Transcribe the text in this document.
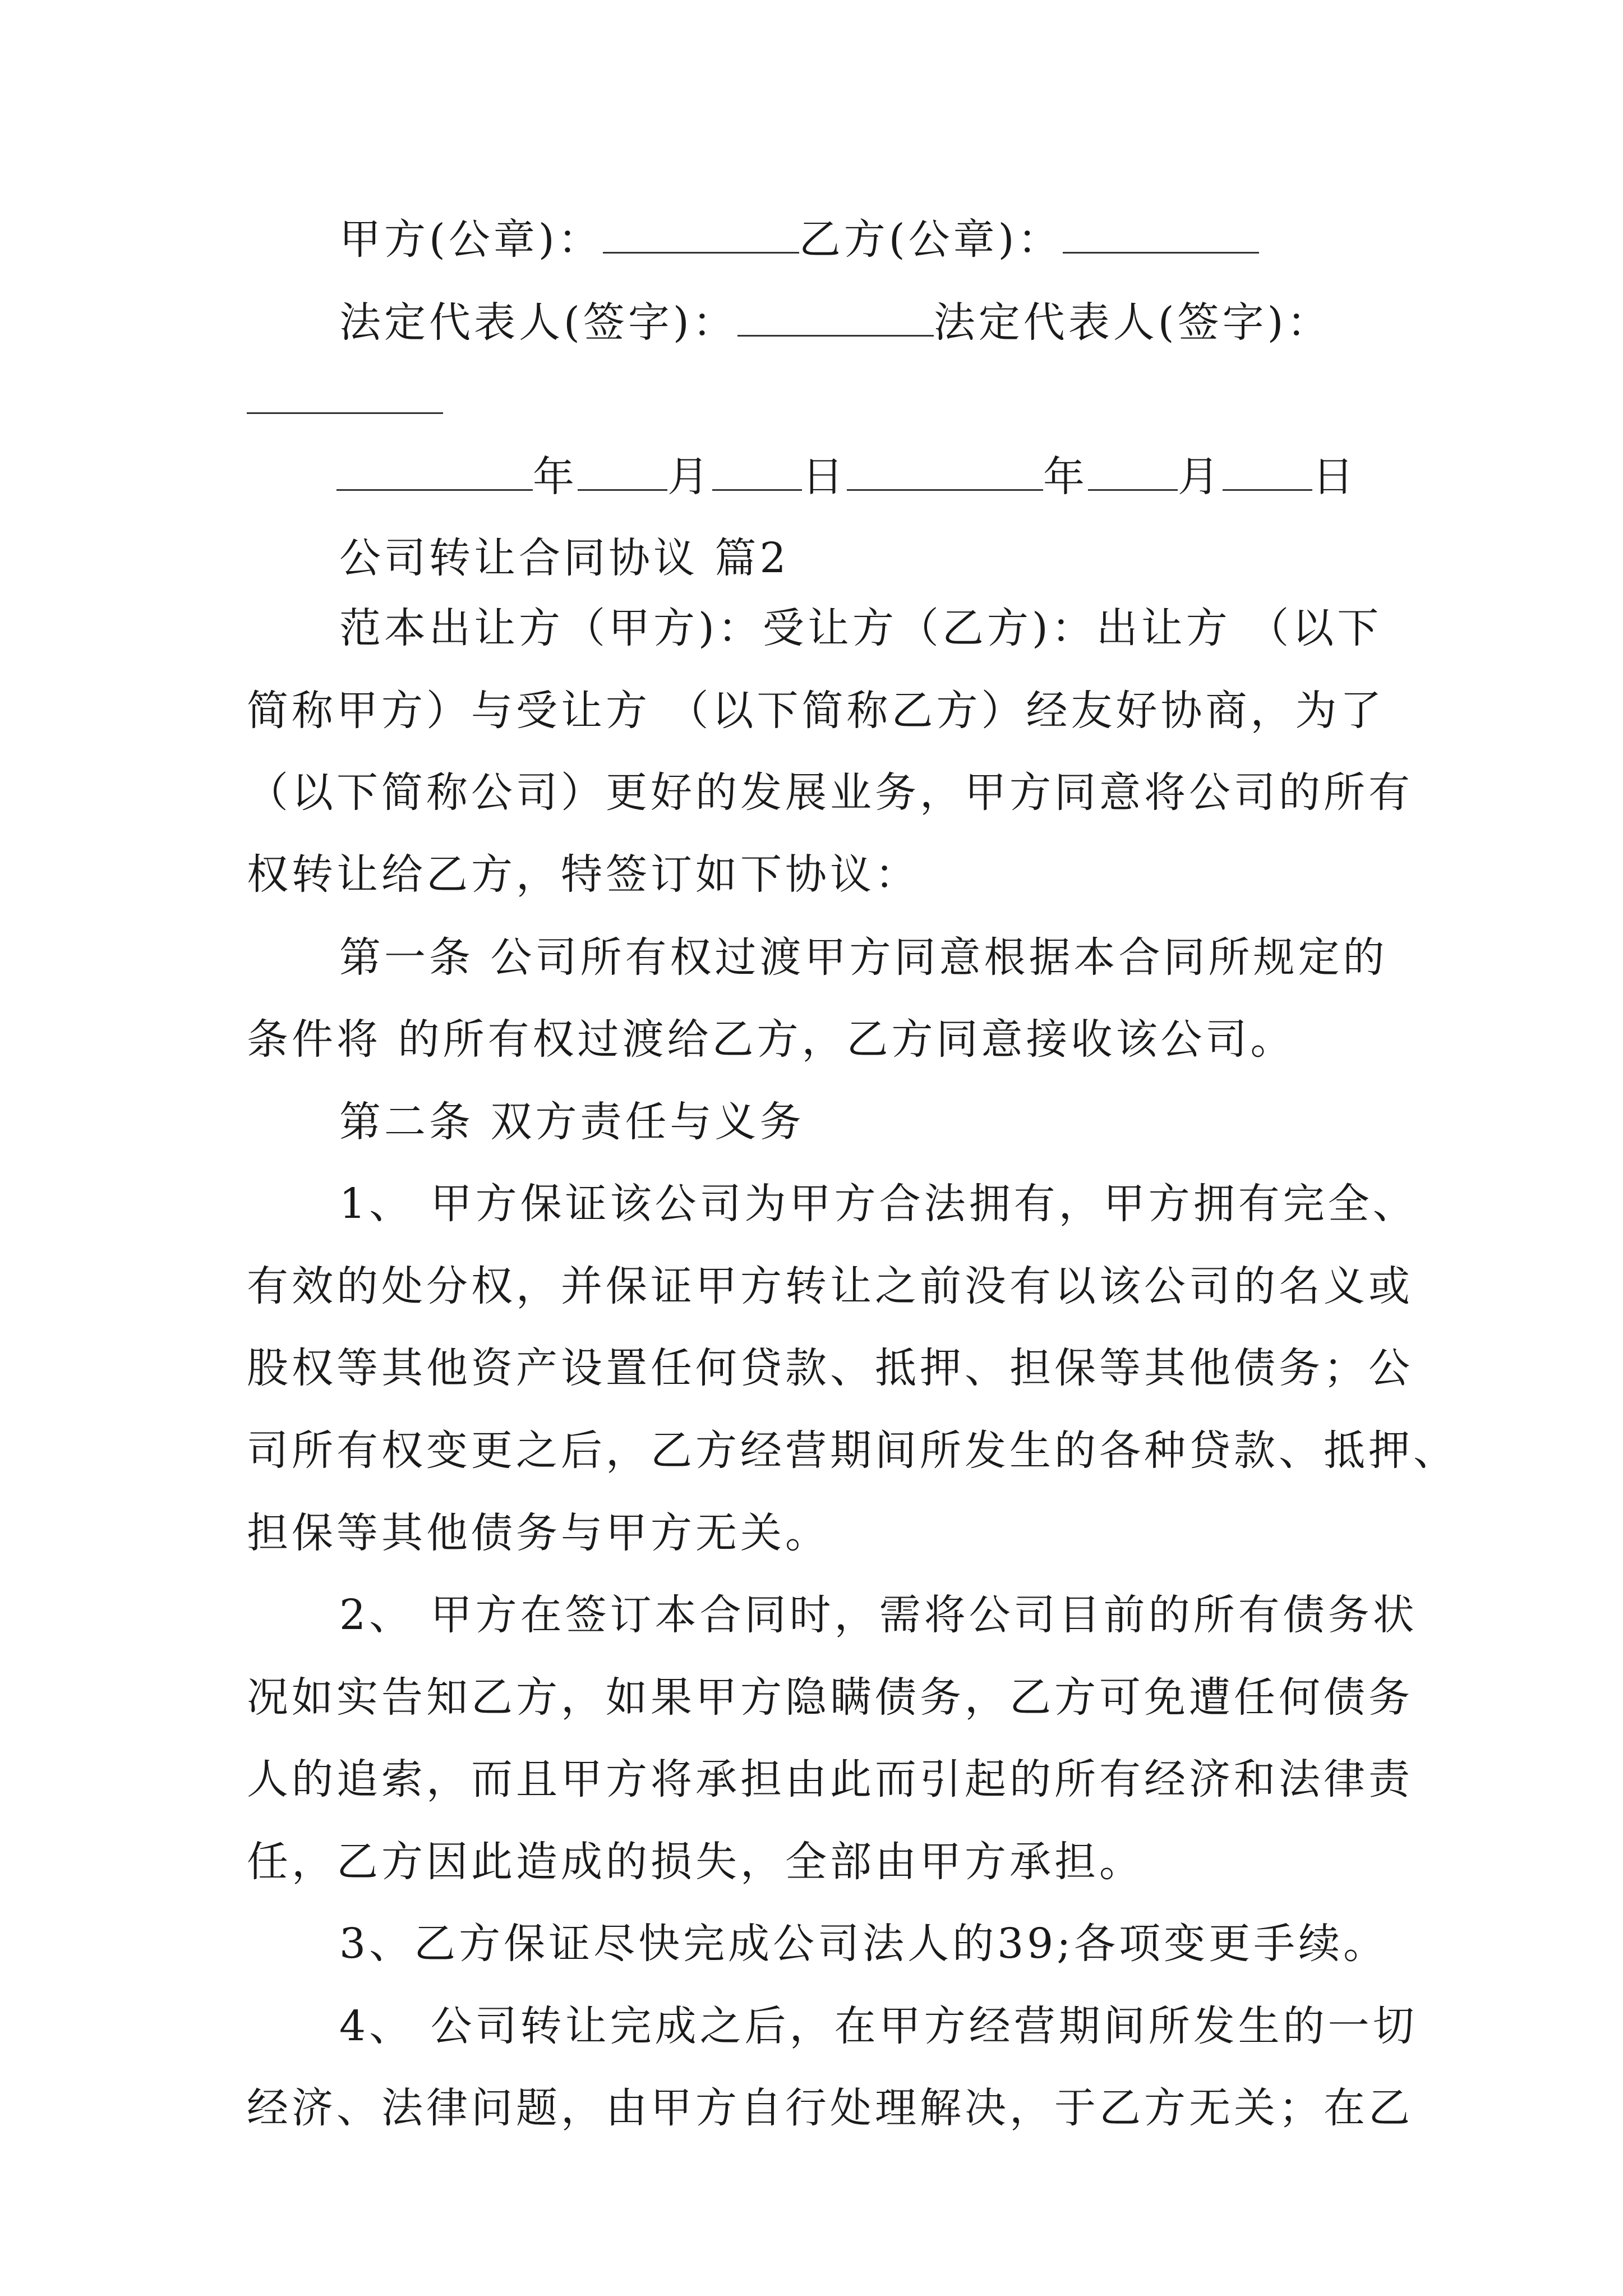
甲方(公章)：	乙方(公章)：
法定代表人(签字)：	法定代表人(签字)：
年 月 日	年 月 日
公司转让合同协议 篇2
范本出让方（甲方)：受让方（乙方)：出让方 （以下
简称甲方）与受让方 （以下简称乙方）经友好协商，为了
（以下简称公司）更好的发展业务，甲方同意将公司的所有
权转让给乙方，特签订如下协议：
第一条 公司所有权过渡甲方同意根据本合同所规定的
条件将 的所有权过渡给乙方，乙方同意接收该公司。
第二条 双方责任与义务
1、 甲方保证该公司为甲方合法拥有，甲方拥有完全、
有效的处分权，并保证甲方转让之前没有以该公司的名义或
股权等其他资产设置任何贷款、抵押、担保等其他债务；公
司所有权变更之后，乙方经营期间所发生的各种贷款、抵押、
担保等其他债务与甲方无关。
2、 甲方在签订本合同时，需将公司目前的所有债务状
况如实告知乙方，如果甲方隐瞒债务，乙方可免遭任何债务
人的追索，而且甲方将承担由此而引起的所有经济和法律责
任，乙方因此造成的损失，全部由甲方承担。
3、乙方保证尽快完成公司法人的39;各项变更手续。
4、 公司转让完成之后，在甲方经营期间所发生的一切
经济、法律问题，由甲方自行处理解决，于乙方无关；在乙
